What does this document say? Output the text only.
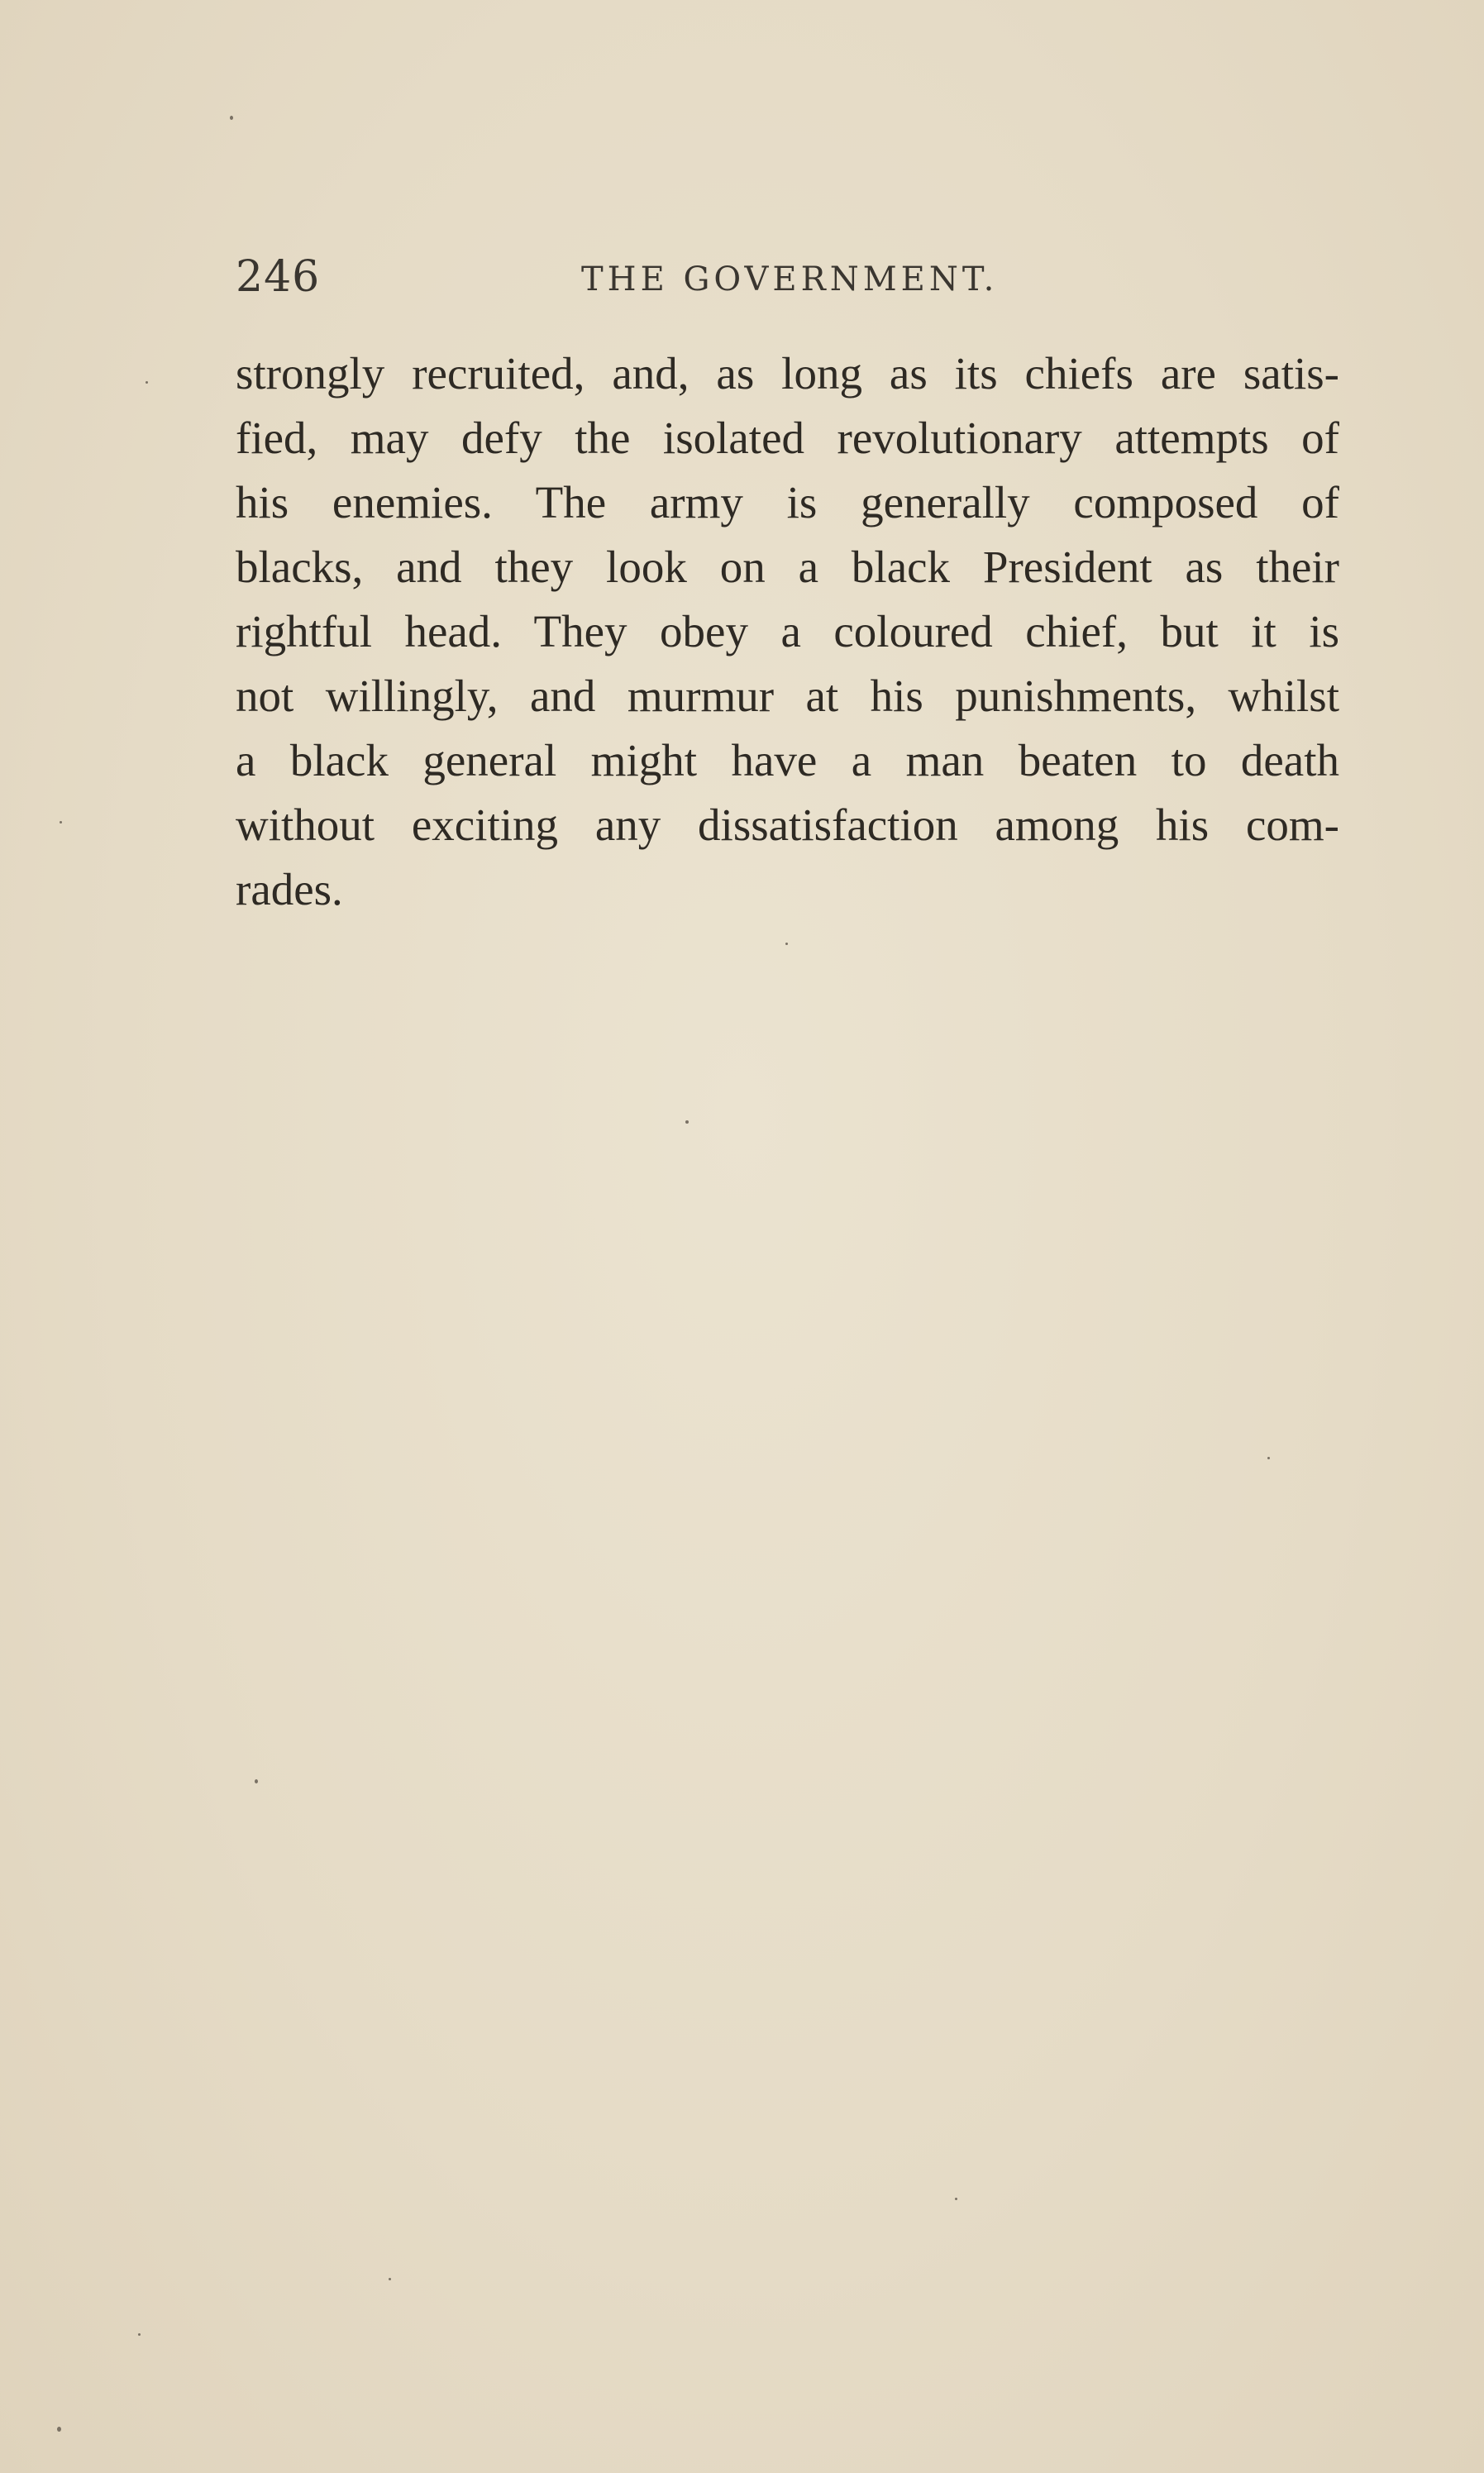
246	THE GOVERNMENT.
strongly recruited, and, as long as its chiefs are satis-
fied, may defy the isolated revolutionary attempts of
his enemies. The army is generally composed of
blacks, and they look on a black President as their
rightful head. They obey a coloured chief, but it is
not willingly, and murmur at his punishments, whilst
a black general might have a man beaten to death
without exciting any dissatisfaction among his com-
rades.
